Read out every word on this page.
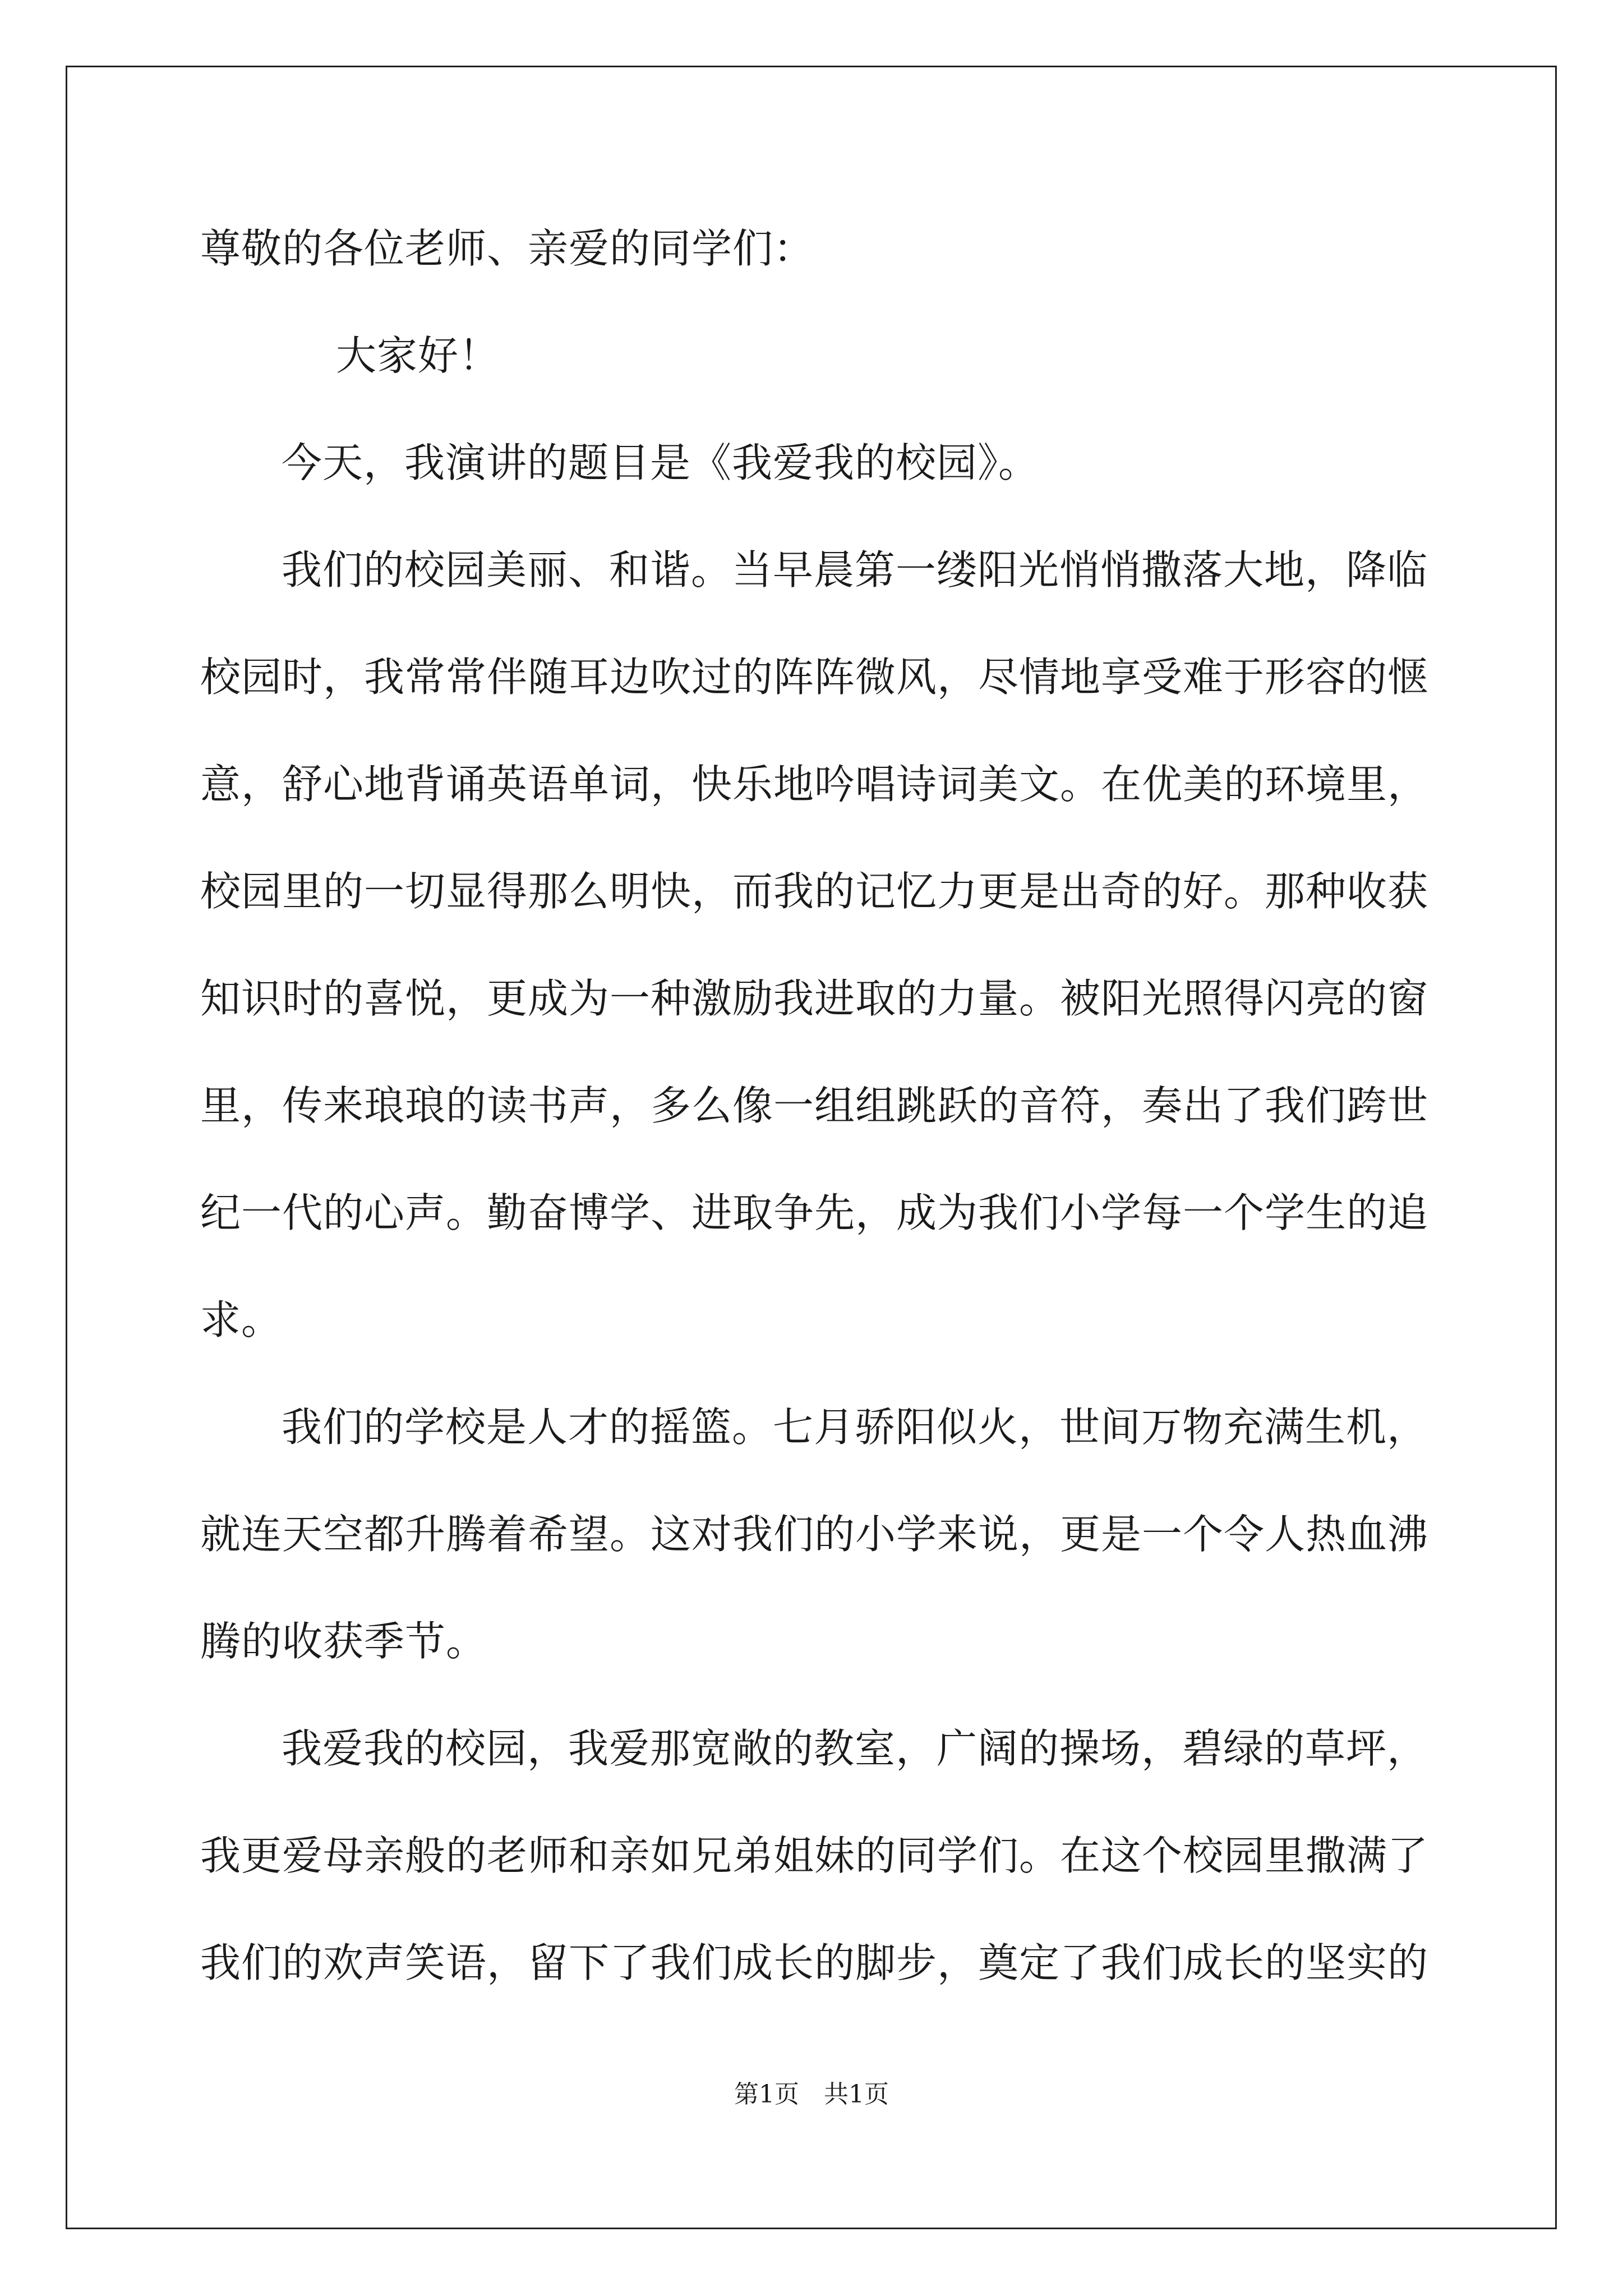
尊敬的各位老师、亲爱的同学们：
大家好！
今天，我演讲的题目是《我爱我的校园》。
我们的校园美丽、和谐。当早晨第一缕阳光悄悄撒落大地，降临
校园时，我常常伴随耳边吹过的阵阵微风，尽情地享受难于形容的惬
意，舒心地背诵英语单词，快乐地吟唱诗词美文。在优美的环境里，
校园里的一切显得那么明快，而我的记忆力更是出奇的好。那种收获
知识时的喜悦，更成为一种激励我进取的力量。被阳光照得闪亮的窗
里，传来琅琅的读书声，多么像一组组跳跃的音符，奏出了我们跨世
纪一代的心声。勤奋博学、进取争先，成为我们小学每一个学生的追
求。
我们的学校是人才的摇篮。七月骄阳似火，世间万物充满生机，
就连天空都升腾着希望。这对我们的小学来说，更是一个令人热血沸
腾的收获季节。
我爱我的校园，我爱那宽敞的教室，广阔的操场，碧绿的草坪，
我更爱母亲般的老师和亲如兄弟姐妹的同学们。在这个校园里撒满了
我们的欢声笑语，留下了我们成长的脚步，奠定了我们成长的坚实的
第1页　共1页
